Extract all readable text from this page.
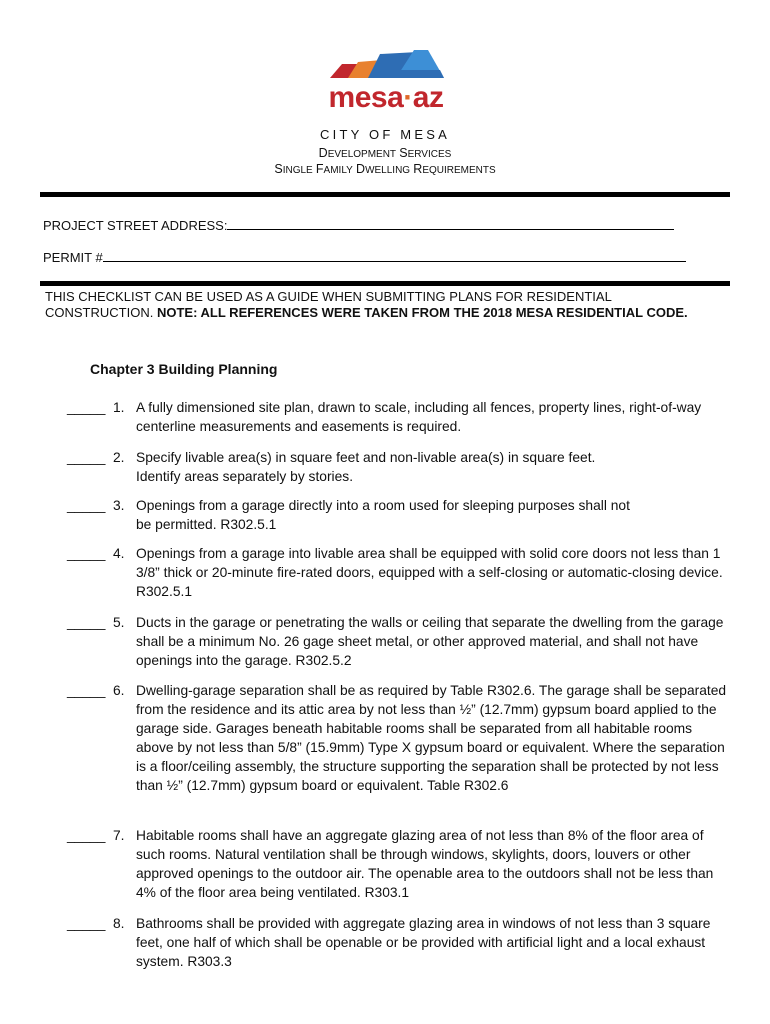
mesa·az
CITY OF MESA
DEVELOPMENT SERVICES
SINGLE FAMILY DWELLING REQUIREMENTS
PROJECT STREET ADDRESS:
PERMIT #
THIS CHECKLIST CAN BE USED AS A GUIDE WHEN SUBMITTING PLANS FOR RESIDENTIAL CONSTRUCTION. NOTE: ALL REFERENCES WERE TAKEN FROM THE 2018 MESA RESIDENTIAL CODE.
Chapter 3 Building Planning
_____ 1. A fully dimensioned site plan, drawn to scale, including all fences, property lines, right-of-way centerline measurements and easements is required.
_____ 2. Specify livable area(s) in square feet and non-livable area(s) in square feet. Identify areas separately by stories.
_____ 3. Openings from a garage directly into a room used for sleeping purposes shall not be permitted. R302.5.1
_____ 4. Openings from a garage into livable area shall be equipped with solid core doors not less than 1 3/8” thick or 20-minute fire-rated doors, equipped with a self-closing or automatic-closing device. R302.5.1
_____ 5. Ducts in the garage or penetrating the walls or ceiling that separate the dwelling from the garage shall be a minimum No. 26 gage sheet metal, or other approved material, and shall not have openings into the garage. R302.5.2
_____ 6. Dwelling-garage separation shall be as required by Table R302.6. The garage shall be separated from the residence and its attic area by not less than ½” (12.7mm) gypsum board applied to the garage side. Garages beneath habitable rooms shall be separated from all habitable rooms above by not less than 5/8” (15.9mm) Type X gypsum board or equivalent. Where the separation is a floor/ceiling assembly, the structure supporting the separation shall be protected by not less than ½” (12.7mm) gypsum board or equivalent. Table R302.6
_____ 7. Habitable rooms shall have an aggregate glazing area of not less than 8% of the floor area of such rooms. Natural ventilation shall be through windows, skylights, doors, louvers or other approved openings to the outdoor air. The openable area to the outdoors shall not be less than 4% of the floor area being ventilated. R303.1
_____ 8. Bathrooms shall be provided with aggregate glazing area in windows of not less than 3 square feet, one half of which shall be openable or be provided with artificial light and a local exhaust system. R303.3
